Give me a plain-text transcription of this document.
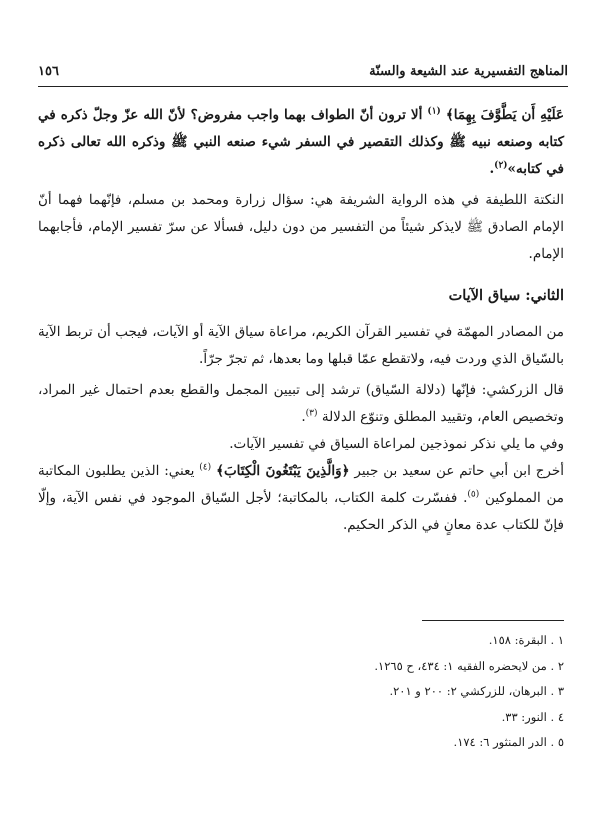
١٥٦	المناهج التفسيرية عند الشيعة والسنّة

عَلَيْهِ أَن يَطَّوَّفَ بِهِمَا﴾ $^{(١)}$ ألا ترون أنّ الطواف بهما واجب مفروض؟ لأنّ الله عزّ وجلّ ذكره في كتابه وصنعه نبيه ﷺ وكذلك التقصير في السفر شيء صنعه النبي ﷺ وذكره الله تعالى ذكره في كتابه»$^{(٢)}$.

النكتة اللطيفة في هذه الرواية الشريفة هي: سؤال زرارة ومحمد بن مسلم، فإنّهما فهما أنّ الإمام الصادق ﷺ لايذكر شيئاً من التفسير من دون دليل، فسألا عن سرّ تفسير الإمام، فأجابهما الإمام.

الثاني: سياق الآيات

من المصادر المهمّة في تفسير القرآن الكريم، مراعاة سياق الآية أو الآيات، فيجب أن تربط الآية بالسّياق الذي وردت فيه، ولاتقطع عمّا قبلها وما بعدها، ثم تجرّ جرّاً.

قال الزركشي: فإنّها (دلالة السّياق) ترشد إلى تبيين المجمل والقطع بعدم احتمال غير المراد، وتخصيص العام، وتقييد المطلق وتنوّع الدلالة $^{(٣)}$.

وفي ما يلي نذكر نموذجين لمراعاة السياق في تفسير الآيات.

أخرج ابن أبي حاتم عن سعيد بن جبير ﴿وَالَّذِينَ يَبْتَغُونَ الْكِتَابَ﴾ $^{(٤)}$ يعني: الذين يطلبون المكاتبة من المملوكين $^{(٥)}$. ففسّرت كلمة الكتاب، بالمكاتبة؛ لأجل السّياق الموجود في نفس الآية، وإلّا فإنّ للكتاب عدة معانٍ في الذكر الحكيم.

١ . البقرة: ١٥٨.
٢ . من لايحضره الفقيه ١: ٤٣٤، ح ١٢٦٥.
٣ . البرهان، للزركشي ٢: ٢٠٠ و ٢٠١.
٤ . النور: ٣٣.
٥ . الدر المنثور ٦: ١٧٤.
